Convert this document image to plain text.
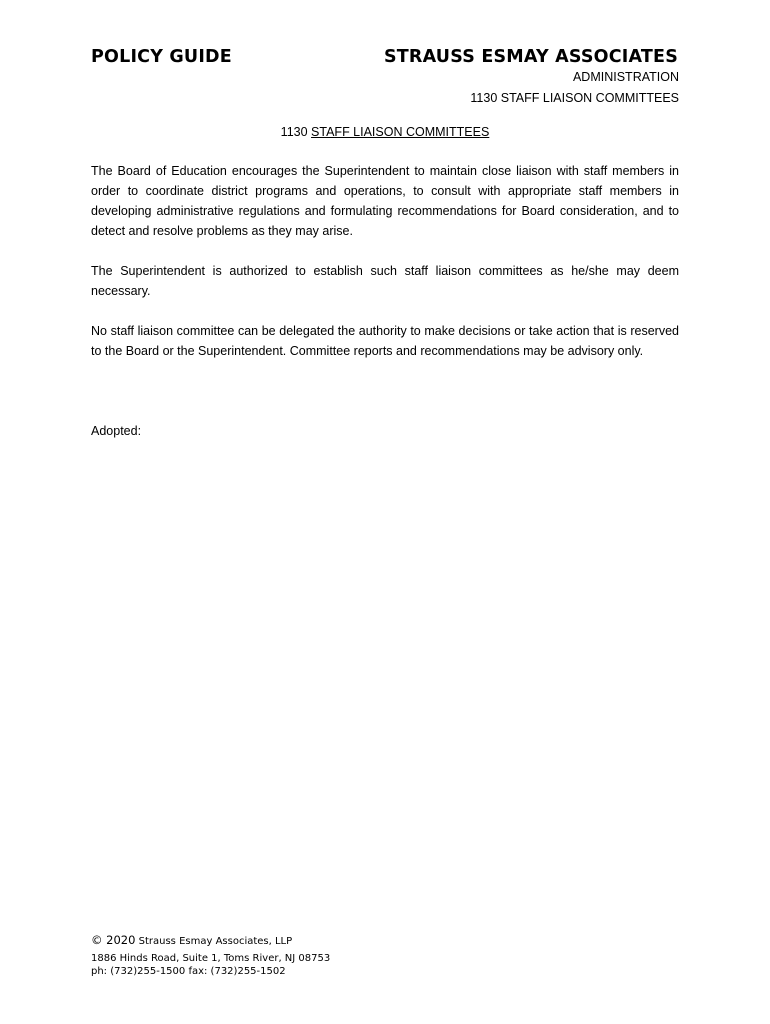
POLICY GUIDE	STRAUSS ESMAY ASSOCIATES
ADMINISTRATION
1130 STAFF LIAISON COMMITTEES
1130 STAFF LIAISON COMMITTEES
The Board of Education encourages the Superintendent to maintain close liaison with staff members in order to coordinate district programs and operations, to consult with appropriate staff members in developing administrative regulations and formulating recommendations for Board consideration, and to detect and resolve problems as they may arise.
The Superintendent is authorized to establish such staff liaison committees as he/she may deem necessary.
No staff liaison committee can be delegated the authority to make decisions or take action that is reserved to the Board or the Superintendent. Committee reports and recommendations may be advisory only.
Adopted:
© 2020 Strauss Esmay Associates, LLP
1886 Hinds Road, Suite 1, Toms River, NJ 08753
ph: (732)255-1500 fax: (732)255-1502
